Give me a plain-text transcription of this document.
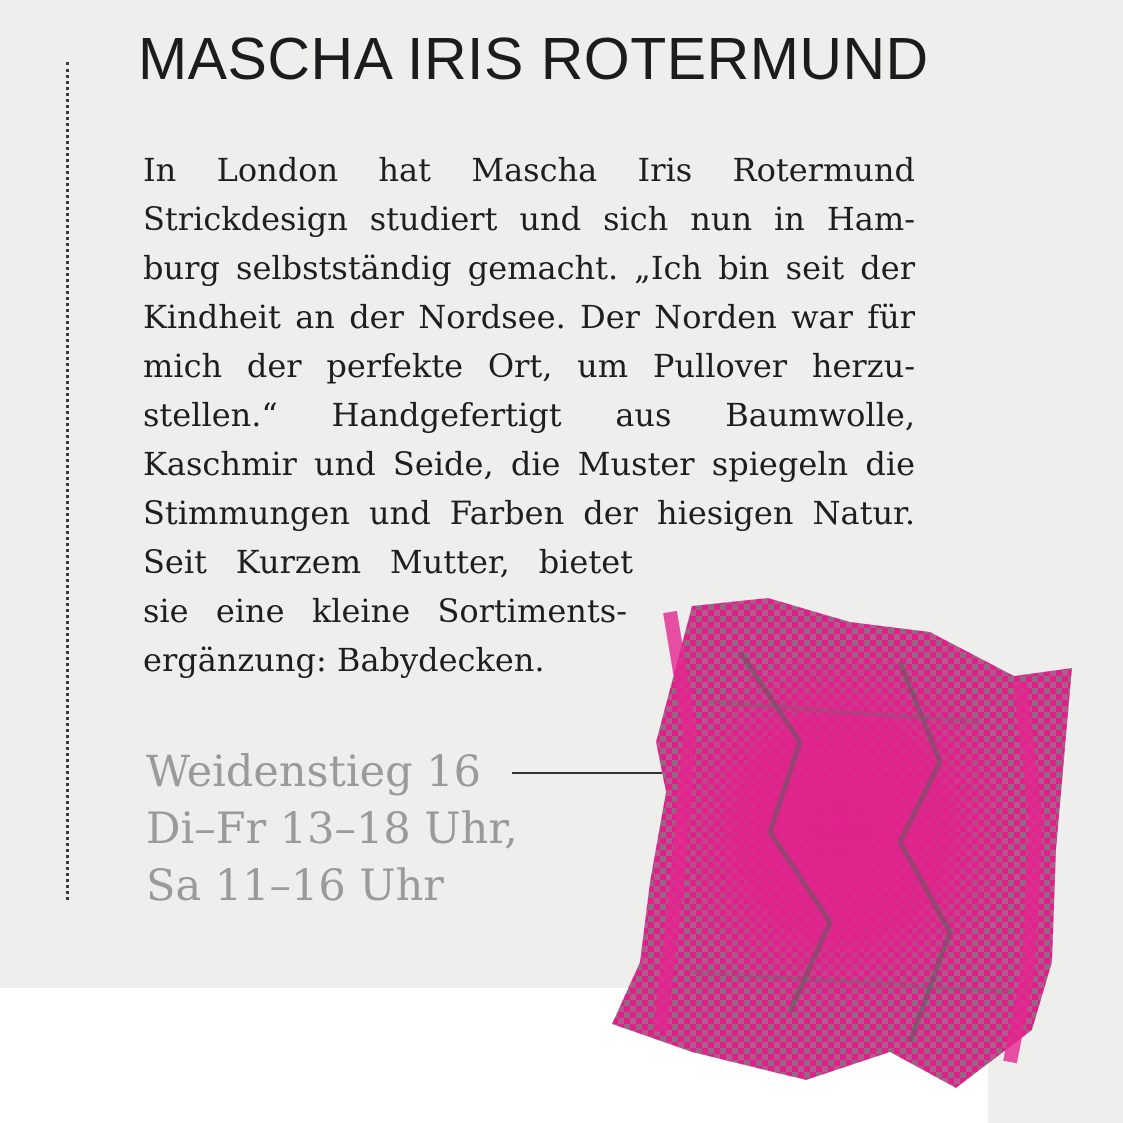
MASCHA IRIS ROTERMUND
In London hat Mascha Iris Rotermund
Strickdesign studiert und sich nun in Ham-
burg selbstständig gemacht. „Ich bin seit der
Kindheit an der Nordsee. Der Norden war für
mich der perfekte Ort, um Pullover herzu-
stellen.“ Handgefertigt aus Baumwolle,
Kaschmir und Seide, die Muster spiegeln die
Stimmungen und Farben der hiesigen Natur.
Seit Kurzem Mutter, bietet
sie eine kleine Sortiments-
ergänzung: Babydecken.
Weidenstieg 16
Di–Fr 13–18 Uhr,
Sa 11–16 Uhr
